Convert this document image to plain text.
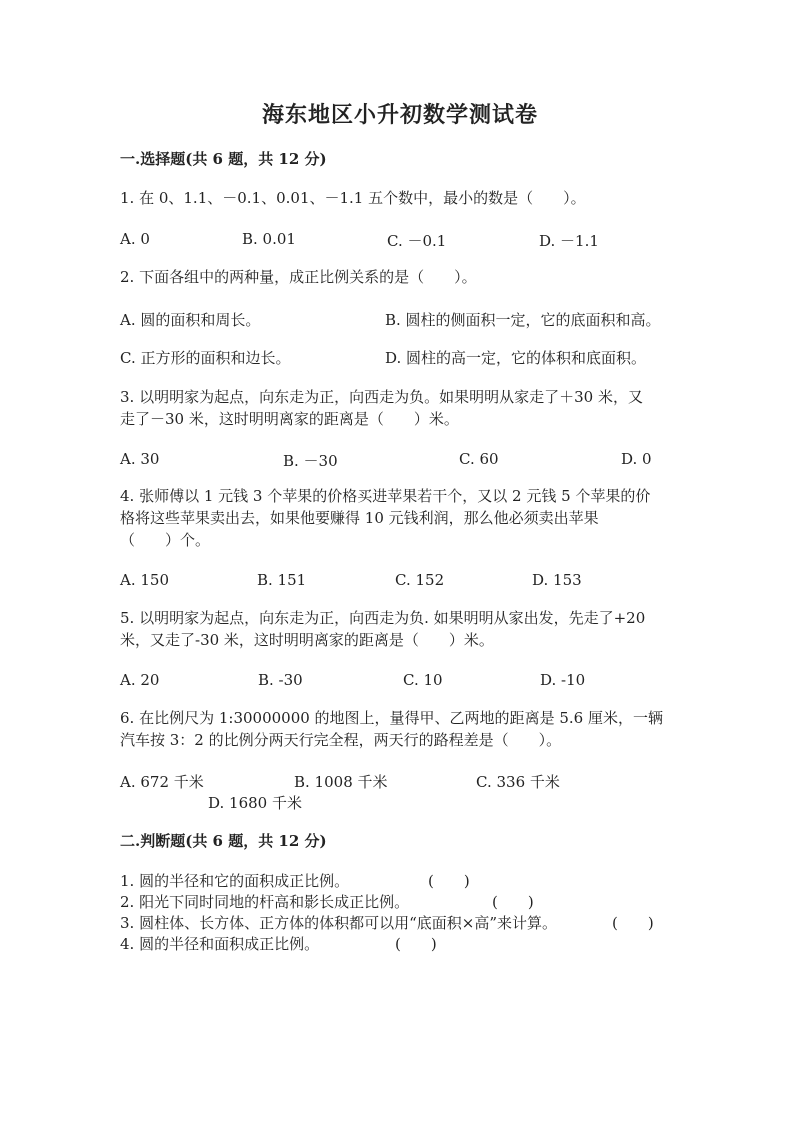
海东地区小升初数学测试卷
一.选择题(共 6 题，共 12 分)
1. 在 0、1.1、－0.1、0.01、－1.1 五个数中，最小的数是（　　）。
A. 0	B. 0.01	C. －0.1	D. －1.1
2. 下面各组中的两种量，成正比例关系的是（　　）。
A. 圆的面积和周长。	B. 圆柱的侧面积一定，它的底面积和高。
C. 正方形的面积和边长。	D. 圆柱的高一定，它的体积和底面积。
3. 以明明家为起点，向东走为正，向西走为负。如果明明从家走了＋30 米，又
走了－30 米，这时明明离家的距离是（　　）米。
A. 30	B. －30	C. 60	D. 0
4. 张师傅以 1 元钱 3 个苹果的价格买进苹果若干个，又以 2 元钱 5 个苹果的价
格将这些苹果卖出去，如果他要赚得 10 元钱利润，那么他必须卖出苹果
（　　）个。
A. 150	B. 151	C. 152	D. 153
5. 以明明家为起点，向东走为正，向西走为负. 如果明明从家出发，先走了+20
米，又走了-30 米，这时明明离家的距离是（　　）米。
A. 20	B. -30	C. 10	D. -10
6. 在比例尺为 1:30000000 的地图上，量得甲、乙两地的距离是 5.6 厘米，一辆
汽车按 3：2 的比例分两天行完全程，两天行的路程差是（　　）。
A. 672 千米	B. 1008 千米	C. 336 千米
D. 1680 千米
二.判断题(共 6 题，共 12 分)
1. 圆的半径和它的面积成正比例。	(　　)
2. 阳光下同时同地的杆高和影长成正比例。	(　　)
3. 圆柱体、长方体、正方体的体积都可以用“底面积×高”来计算。	(　　)
4. 圆的半径和面积成正比例。	(　　)
